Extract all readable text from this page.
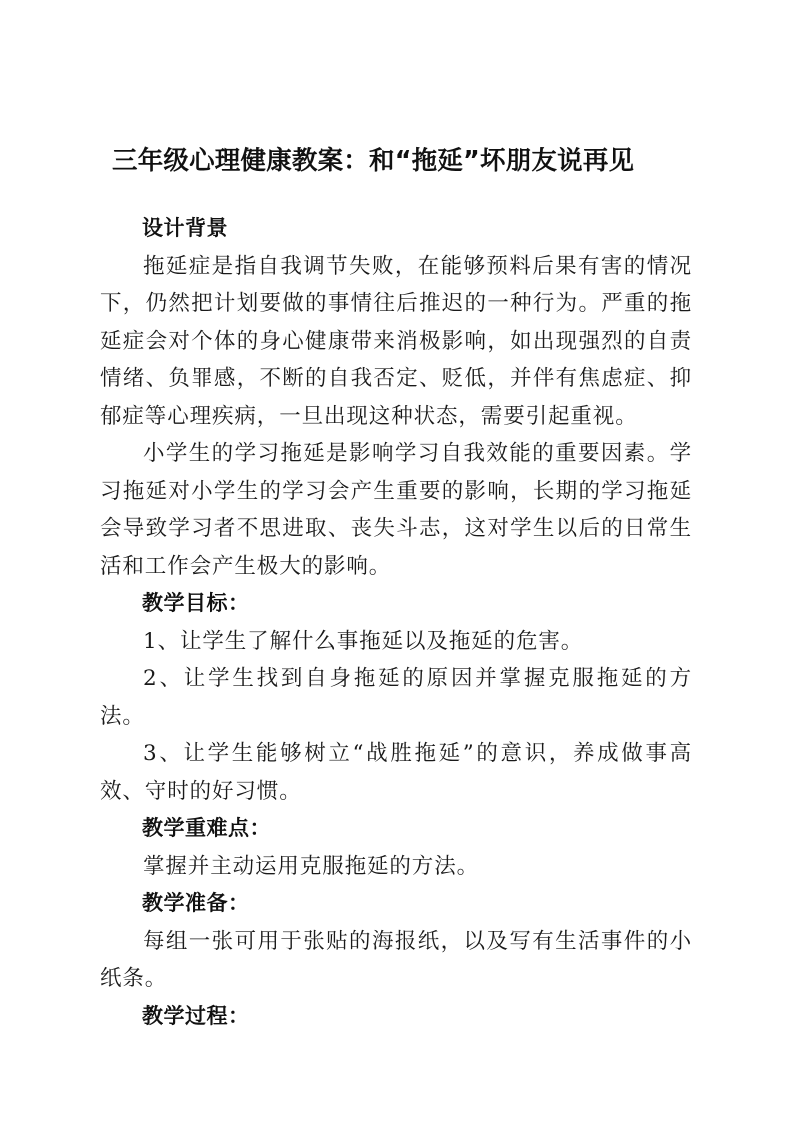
三年级心理健康教案：和“拖延”坏朋友说再见

设计背景

拖延症是指自我调节失败，在能够预料后果有害的情况下，仍然把计划要做的事情往后推迟的一种行为。严重的拖延症会对个体的身心健康带来消极影响，如出现强烈的自责情绪、负罪感，不断的自我否定、贬低，并伴有焦虑症、抑郁症等心理疾病，一旦出现这种状态，需要引起重视。

小学生的学习拖延是影响学习自我效能的重要因素。学习拖延对小学生的学习会产生重要的影响，长期的学习拖延会导致学习者不思进取、丧失斗志，这对学生以后的日常生活和工作会产生极大的影响。

教学目标：

1、让学生了解什么事拖延以及拖延的危害。

2、让学生找到自身拖延的原因并掌握克服拖延的方法。

3、让学生能够树立“战胜拖延”的意识，养成做事高效、守时的好习惯。

教学重难点：

掌握并主动运用克服拖延的方法。

教学准备：

每组一张可用于张贴的海报纸，以及写有生活事件的小纸条。

教学过程：
